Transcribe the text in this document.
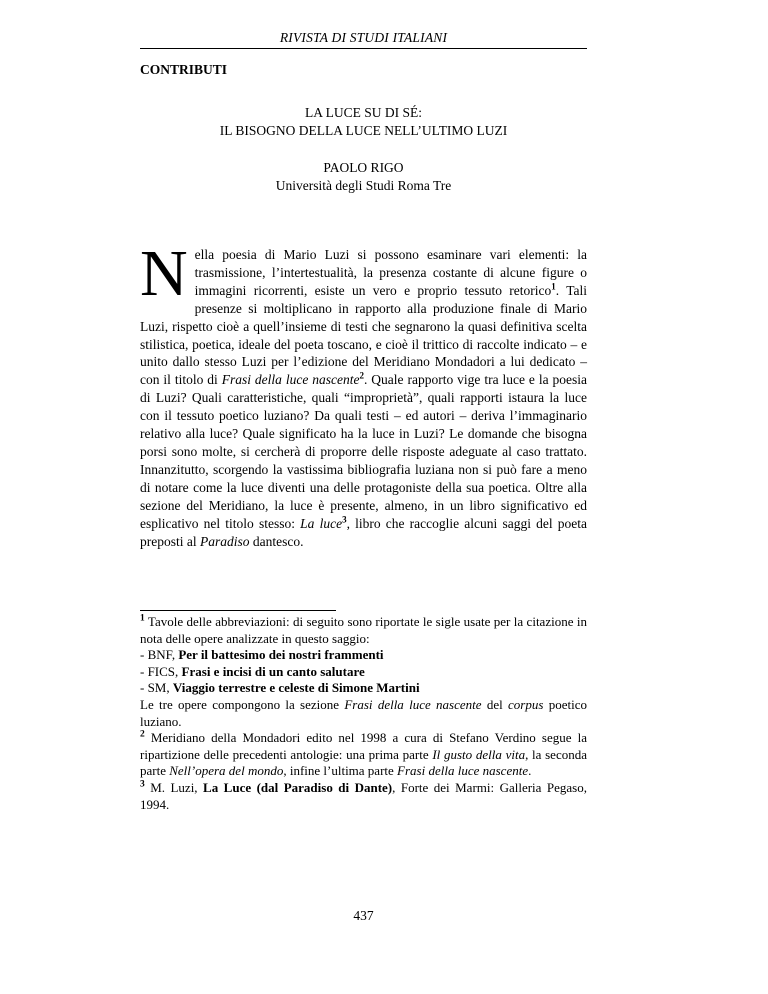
RIVISTA DI STUDI ITALIANI
CONTRIBUTI
LA LUCE SU DI SÉ:
IL BISOGNO DELLA LUCE NELL’ULTIMO LUZI
PAOLO RIGO
Università degli Studi Roma Tre

Nella poesia di Mario Luzi si possono esaminare vari elementi: la trasmissione, l’intertestualità, la presenza costante di alcune figure o immagini ricorrenti, esiste un vero e proprio tessuto retorico$^1$. Tali presenze si moltiplicano in rapporto alla produzione finale di Mario Luzi, rispetto cioè a quell’insieme di testi che segnarono la quasi definitiva scelta stilistica, poetica, ideale del poeta toscano, e cioè il trittico di raccolte indicato – e unito dallo stesso Luzi per l’edizione del Meridiano Mondadori a lui dedicato – con il titolo di Frasi della luce nascente$^2$. Quale rapporto vige tra luce e la poesia di Luzi? Quali caratteristiche, quali “improprietà”, quali rapporti istaura la luce con il tessuto poetico luziano? Da quali testi – ed autori – deriva l’immaginario relativo alla luce? Quale significato ha la luce in Luzi? Le domande che bisogna porsi sono molte, si cercherà di proporre delle risposte adeguate al caso trattato. Innanzitutto, scorgendo la vastissima bibliografia luziana non si può fare a meno di notare come la luce diventi una delle protagoniste della sua poetica. Oltre alla sezione del Meridiano, la luce è presente, almeno, in un libro significativo ed esplicativo nel titolo stesso: La luce$^3$, libro che raccoglie alcuni saggi del poeta preposti al Paradiso dantesco.

$^1$ Tavole delle abbreviazioni: di seguito sono riportate le sigle usate per la citazione in nota delle opere analizzate in questo saggio:
- BNF, Per il battesimo dei nostri frammenti
- FICS, Frasi e incisi di un canto salutare
- SM, Viaggio terrestre e celeste di Simone Martini
Le tre opere compongono la sezione Frasi della luce nascente del corpus poetico luziano.
$^2$ Meridiano della Mondadori edito nel 1998 a cura di Stefano Verdino segue la ripartizione delle precedenti antologie: una prima parte Il gusto della vita, la seconda parte Nell’opera del mondo, infine l’ultima parte Frasi della luce nascente.
$^3$ M. Luzi, La Luce (dal Paradiso di Dante), Forte dei Marmi: Galleria Pegaso, 1994.
437
